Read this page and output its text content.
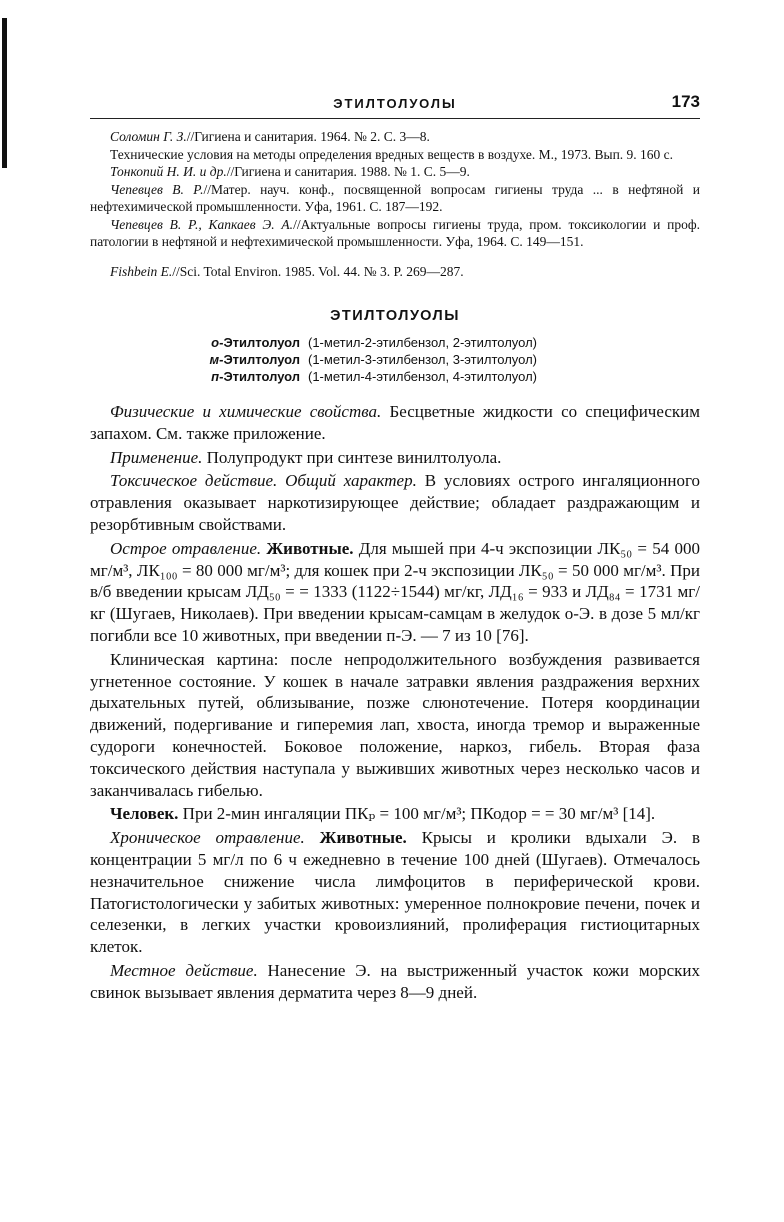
ЭТИЛТОЛУОЛЫ	173

Соломин Г. З.//Гигиена и санитария. 1964. № 2. С. 3—8.

Технические условия на методы определения вредных веществ в воздухе. М., 1973. Вып. 9. 160 с.

Тонкопий Н. И. и др.//Гигиена и санитария. 1988. № 1. С. 5—9.

Чепевцев В. Р.//Матер. науч. конф., посвященной вопросам гигиены труда ... в нефтяной и нефтехимической промышленности. Уфа, 1961. С. 187—192.

Чепевцев В. Р., Капкаев Э. А.//Актуальные вопросы гигиены труда, пром. токсикологии и проф. патологии в нефтяной и нефтехимической промышленности. Уфа, 1964. С. 149—151.

Fishbein E.//Sci. Total Environ. 1985. Vol. 44. № 3. P. 269—287.

ЭТИЛТОЛУОЛЫ
о-Этилтолуол (1-метил-2-этилбензол, 2-этилтолуол)
м-Этилтолуол (1-метил-3-этилбензол, 3-этилтолуол)
п-Этилтолуол (1-метил-4-этилбензол, 4-этилтолуол)

Физические и химические свойства. Бесцветные жидкости со специфическим запахом. См. также приложение.

Применение. Полупродукт при синтезе винилтолуола.

Токсическое действие. Общий характер. В условиях острого ингаляционного отравления оказывает наркотизирующее действие; обладает раздражающим и резорбтивным свойствами.

Острое отравление. Животные. Для мышей при 4-ч экспозиции ЛК₅₀ = 54 000 мг/м³, ЛК₁₀₀ = 80 000 мг/м³; для кошек при 2-ч экспозиции ЛК₅₀ = 50 000 мг/м³. При в/б введении крысам ЛД₅₀ = = 1333 (1122÷1544) мг/кг, ЛД₁₆ = 933 и ЛД₈₄ = 1731 мг/кг (Шугаев, Николаев). При введении крысам-самцам в желудок о-Э. в дозе 5 мл/кг погибли все 10 животных, при введении п-Э. — 7 из 10 [76].

Клиническая картина: после непродолжительного возбуждения развивается угнетенное состояние. У кошек в начале затравки явления раздражения верхних дыхательных путей, облизывание, позже слюнотечение. Потеря координации движений, подергивание и гиперемия лап, хвоста, иногда тремор и выраженные судороги конечностей. Боковое положение, наркоз, гибель. Вторая фаза токсического действия наступала у выживших животных через несколько часов и заканчивалась гибелью.

Человек. При 2-мин ингаляции ПКₚ = 100 мг/м³; ПКодор = = 30 мг/м³ [14].

Хроническое отравление. Животные. Крысы и кролики вдыхали Э. в концентрации 5 мг/л по 6 ч ежедневно в течение 100 дней (Шугаев). Отмечалось незначительное снижение числа лимфоцитов в периферической крови. Патогистологически у забитых животных: умеренное полнокровие печени, почек и селезенки, в легких участки кровоизлияний, пролиферация гистиоцитарных клеток.

Местное действие. Нанесение Э. на выстриженный участок кожи морских свинок вызывает явления дерматита через 8—9 дней.
